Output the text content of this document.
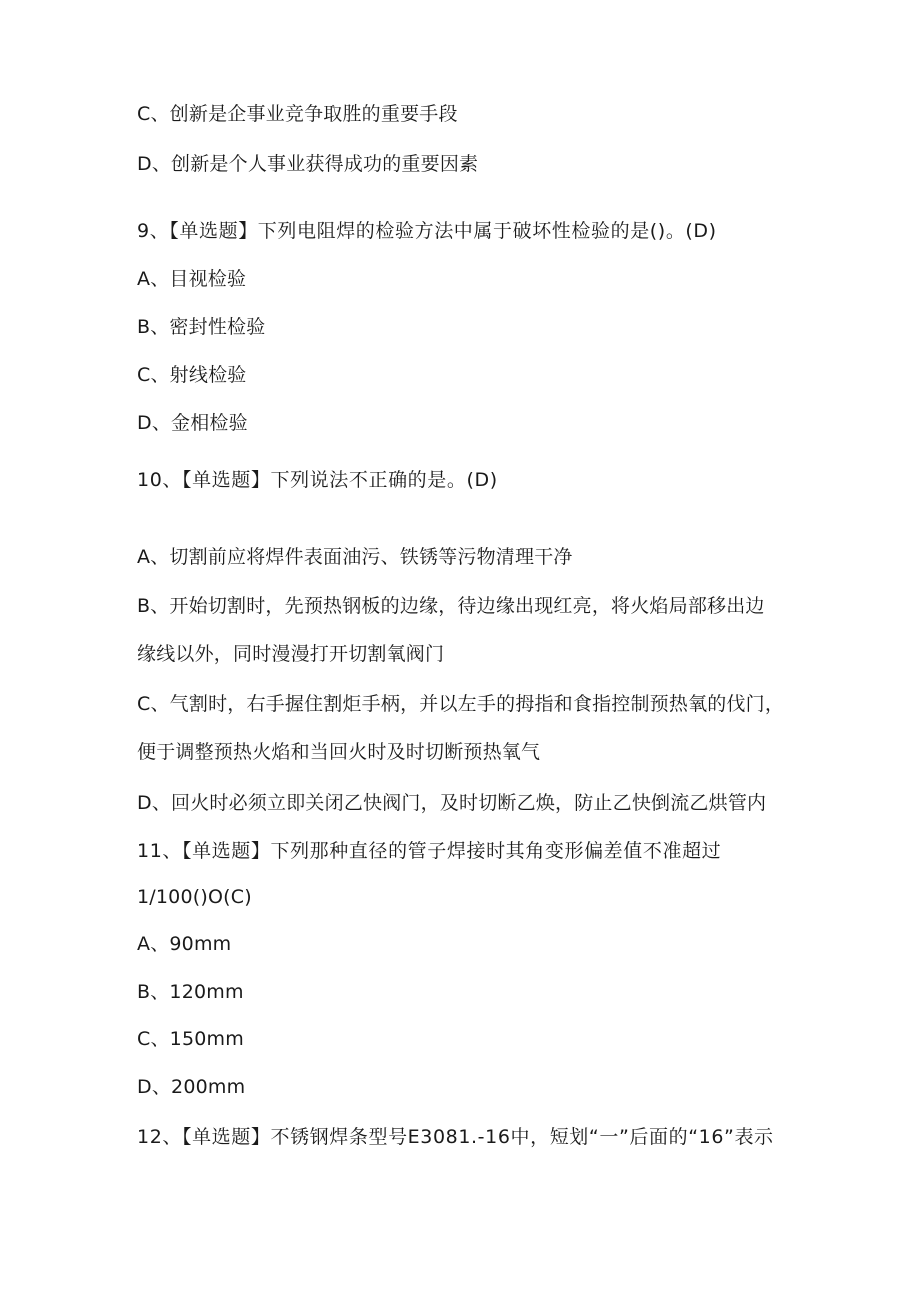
C、创新是企事业竞争取胜的重要手段

D、创新是个人事业获得成功的重要因素

9、【单选题】下列电阻焊的检验方法中属于破坏性检验的是()。(D)

A、目视检验

B、密封性检验

C、射线检验

D、金相检验

10、【单选题】下列说法不正确的是。(D)

A、切割前应将焊件表面油污、铁锈等污物清理干净

B、开始切割时，先预热钢板的边缘，待边缘出现红亮，将火焰局部移出边

缘线以外，同时漫漫打开切割氧阀门

C、气割时，右手握住割炬手柄，并以左手的拇指和食指控制预热氧的伐门，

便于调整预热火焰和当回火时及时切断预热氧气

D、回火时必须立即关闭乙快阀门，及时切断乙焕，防止乙快倒流乙烘管内

11、【单选题】下列那种直径的管子焊接时其角变形偏差值不准超过

1/100()O(C)

A、90mm

B、120mm

C、150mm

D、200mm

12、【单选题】不锈钢焊条型号E3081.-16中，短划“一”后面的“16”表示
